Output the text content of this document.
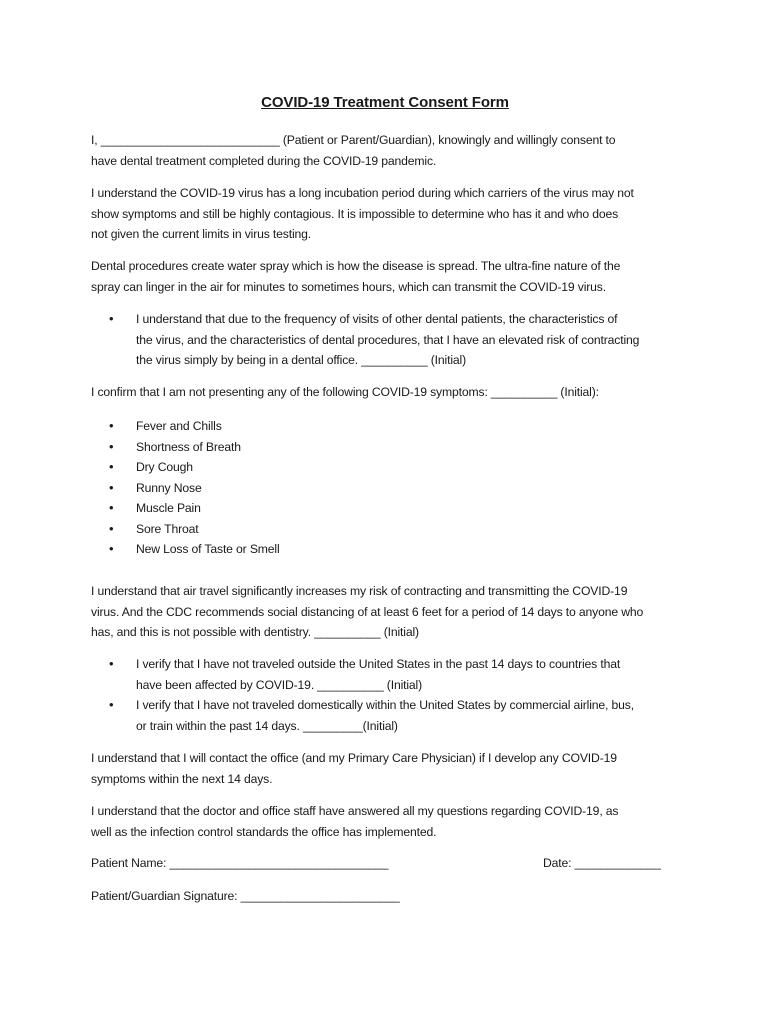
COVID-19 Treatment Consent Form
I, ___________________________ (Patient or Parent/Guardian), knowingly and willingly consent to
have dental treatment completed during the COVID-19 pandemic.
I understand the COVID-19 virus has a long incubation period during which carriers of the virus may not
show symptoms and still be highly contagious. It is impossible to determine who has it and who does
not given the current limits in virus testing.
Dental procedures create water spray which is how the disease is spread. The ultra-fine nature of the
spray can linger in the air for minutes to sometimes hours, which can transmit the COVID-19 virus.
• I understand that due to the frequency of visits of other dental patients, the characteristics of
the virus, and the characteristics of dental procedures, that I have an elevated risk of contracting
the virus simply by being in a dental office. __________ (Initial)
I confirm that I am not presenting any of the following COVID-19 symptoms: __________ (Initial):
• Fever and Chills
• Shortness of Breath
• Dry Cough
• Runny Nose
• Muscle Pain
• Sore Throat
• New Loss of Taste or Smell
I understand that air travel significantly increases my risk of contracting and transmitting the COVID-19
virus. And the CDC recommends social distancing of at least 6 feet for a period of 14 days to anyone who
has, and this is not possible with dentistry. __________ (Initial)
• I verify that I have not traveled outside the United States in the past 14 days to countries that
have been affected by COVID-19. __________ (Initial)
• I verify that I have not traveled domestically within the United States by commercial airline, bus,
or train within the past 14 days. _________(Initial)
I understand that I will contact the office (and my Primary Care Physician) if I develop any COVID-19
symptoms within the next 14 days.
I understand that the doctor and office staff have answered all my questions regarding COVID-19, as
well as the infection control standards the office has implemented.
Patient Name: _________________________________	Date: _____________
Patient/Guardian Signature: ________________________
